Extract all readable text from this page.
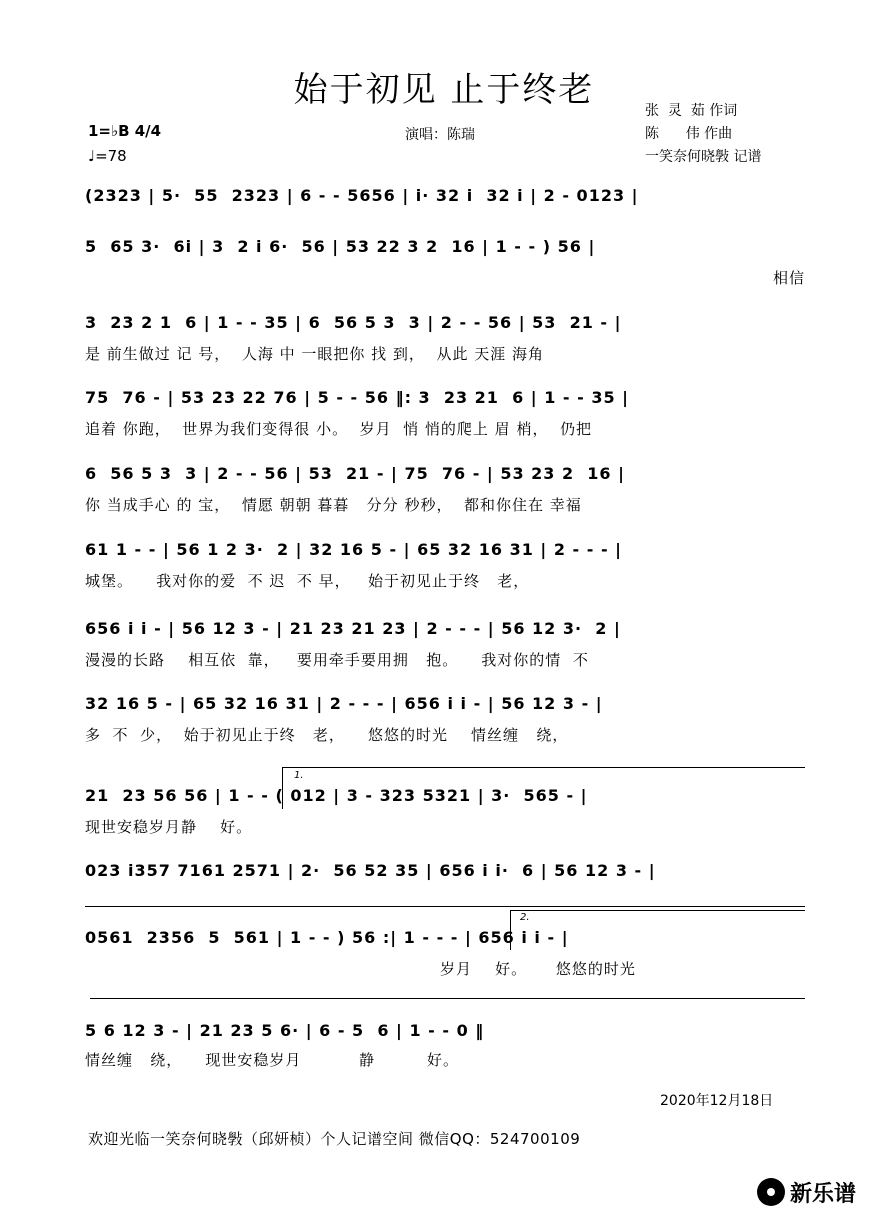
始于初见 止于终老
张  灵  茹 作词
陈      伟 作曲
一笑奈何晓斅 记谱
1=♭B 4/4
♩=78
演唱：陈瑞
(2323 | 5·  55  2323 | 6 - - 5656 | i· 32 i  32 i | 2 - 0123 |
5  65 3·  6i | 3  2 i 6·  56 | 53 22 3 2  16 | 1 - - ) 56 |
相信
3  23 2 1  6 | 1 - - 35 | 6  56 5 3  3 | 2 - - 56 | 53  21 - |
是 前生做过 记 号，  人海 中 一眼把你 找 到，  从此 天涯 海角
75  76 - | 53 23 22 76 | 5 - - 56 ‖: 3  23 21  6 | 1 - - 35 |
追着 你跑，  世界为我们变得很 小。  岁月  悄 悄的爬上 眉 梢，  仍把
6  56 5 3  3 | 2 - - 56 | 53  21 - | 75  76 - | 53 23 2  16 |
你 当成手心 的 宝，  情愿 朝朝 暮暮   分分 秒秒，  都和你住在 幸福
61 1 - - | 56 1 2 3·  2 | 32 16 5 - | 65 32 16 31 | 2 - - - |
城堡。    我对你的爱  不 迟  不 早，   始于初见止于终   老，
656 i i - | 56 12 3 - | 21 23 21 23 | 2 - - - | 56 12 3·  2 |
漫漫的长路    相互依  靠，   要用牵手要用拥   抱。    我对你的情  不
32 16 5 - | 65 32 16 31 | 2 - - - | 656 i i - | 56 12 3 - |
多  不  少，  始于初见止于终   老，    悠悠的时光    情丝缠   绕，
1.
21  23 56 56 | 1 - - ( 012 | 3 - 323 5321 | 3·  565 - |
现世安稳岁月静    好。
023 i357 7161 2571 | 2·  56 52 35 | 656 i i·  6 | 56 12 3 - |
2.
0561  2356  5  561 | 1 - - ) 56 :| 1 - - - | 656 i i - |
岁月    好。     悠悠的时光
5 6 12 3 - | 21 23 5 6· | 6 - 5  6 | 1 - - 0 ‖
情丝缠   绕，    现世安稳岁月          静         好。
2020年12月18日
欢迎光临一笑奈何晓斅（邱妍桢）个人记谱空间 微信QQ：524700109
新乐谱
